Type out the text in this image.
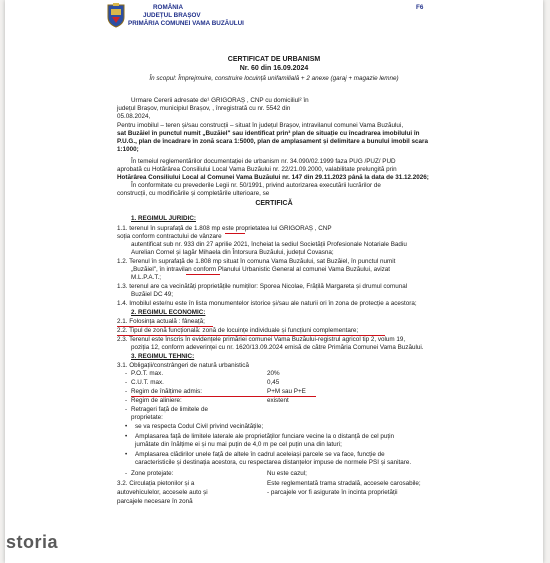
ROMÂNIA
JUDEȚUL BRAȘOV
PRIMĂRIA COMUNEI VAMA BUZĂULUI
F6
CERTIFICAT DE URBANISM
Nr. 60 din 16.09.2024
În scopul: Împrejmuire, construire locuință unifamilială + 2 anexe (garaj + magazie lemne)
Urmare Cererii adresate de¹ GRIGORAȘ , CNP cu domiciliul² în
județul Brașov, municipiul Brașov, , înregistrată cu nr. 5542 din
05.08.2024,
Pentru imobilul – teren și/sau construcții – situat în județul Brașov, intravilanul comunei Vama Buzăului,
sat Buzăiel în punctul numit „Buzăiel" sau identificat prin³ plan de situație cu încadrarea imobilului în
P.U.G., plan de încadrare în zonă scara 1:5000, plan de amplasament și delimitare a bunului imobil scara
1:1000;
În temeiul reglementărilor documentației de urbanism nr. 34.090/02.1999 faza PUG /PUZ/ PUD
aprobată cu Hotărârea Consiliului Local Vama Buzăului nr. 22/21.09.2000, valabilitate prelungită prin
Hotărârea Consiliului Local al Comunei Vama Buzăului nr. 147 din 29.11.2023 până la data de 31.12.2026;
În conformitate cu prevederile Legii nr. 50/1991, privind autorizarea executării lucrărilor de
construcții, cu modificările și completările ulterioare, se
CERTIFICĂ
1. REGIMUL JURIDIC:
1.1. terenul în suprafață de 1.808 mp este proprietatea lui GRIGORAȘ , CNP
soția conform contractului de vânzare
autentificat sub nr. 933 din 27 aprilie 2021, încheiat la sediul Societății Profesionale Notariale Badiu
Aurelian Cornel și Iagăr Mihaela din Întorsura Buzăului, județul Covasna;
1.2. Terenul în suprafață de 1.808 mp situat în comuna Vama Buzăului, sat Buzăiel, în punctul numit
„Buzăiel", în intravilan conform Planului Urbanistic General al comunei Vama Buzăului, avizat
M.L.P.A.T.;
1.3. terenul are ca vecinătăți proprietățile numiților: Sporea Nicolae, Frățilă Margareta și drumul comunal
Buzăiel DC 49;
1.4. Imobilul este/nu este în lista monumentelor istorice și/sau ale naturii ori în zona de protecție a acestora;
2. REGIMUL ECONOMIC:
2.1. Folosința actuală : fâneață;
2.2. Tipul de zonă funcțională: zonă de locuințe individuale și funcțiuni complementare;
2.3. Terenul este înscris în evidențele primăriei comunei Vama Buzăului-registrul agricol tip 2, volum 19,
poziția 12, conform adeverinței cu nr. 1620/13.09.2024 emisă de către Primăria Comunei Vama Buzăului.
3. REGIMUL TEHNIC:
3.1. Obligații/constrângeri de natură urbanistică
- P.O.T. max.	20%
- C.U.T. max.	0,45
- Regim de înălțime admis:	P+M sau P+E
- Regim de aliniere:	existent
- Retrageri față de limitele de
proprietate:
• se va respecta Codul Civil privind vecinătățile;
• Amplasarea față de limitele laterale ale proprietăților funciare vecine la o distanță de cel puțin
jumătate din înălțime ei și nu mai puțin de 4,0 m pe cel puțin una din laturi;
• Amplasarea clădirilor unele față de altele în cadrul aceleiași parcele se va face, funcție de
caracteristicile și destinația acestora, cu respectarea distanțelor impuse de normele PSI și sanitare.
- Zone protejate:	Nu este cazul;
3.2. Circulația pietonilor și a
autovehiculelor, accesele auto și
parcajele necesare în zonă
Este reglementată trama stradală, accesele carosabile;
- parcajele vor fi asigurate în incinta proprietății
storia
